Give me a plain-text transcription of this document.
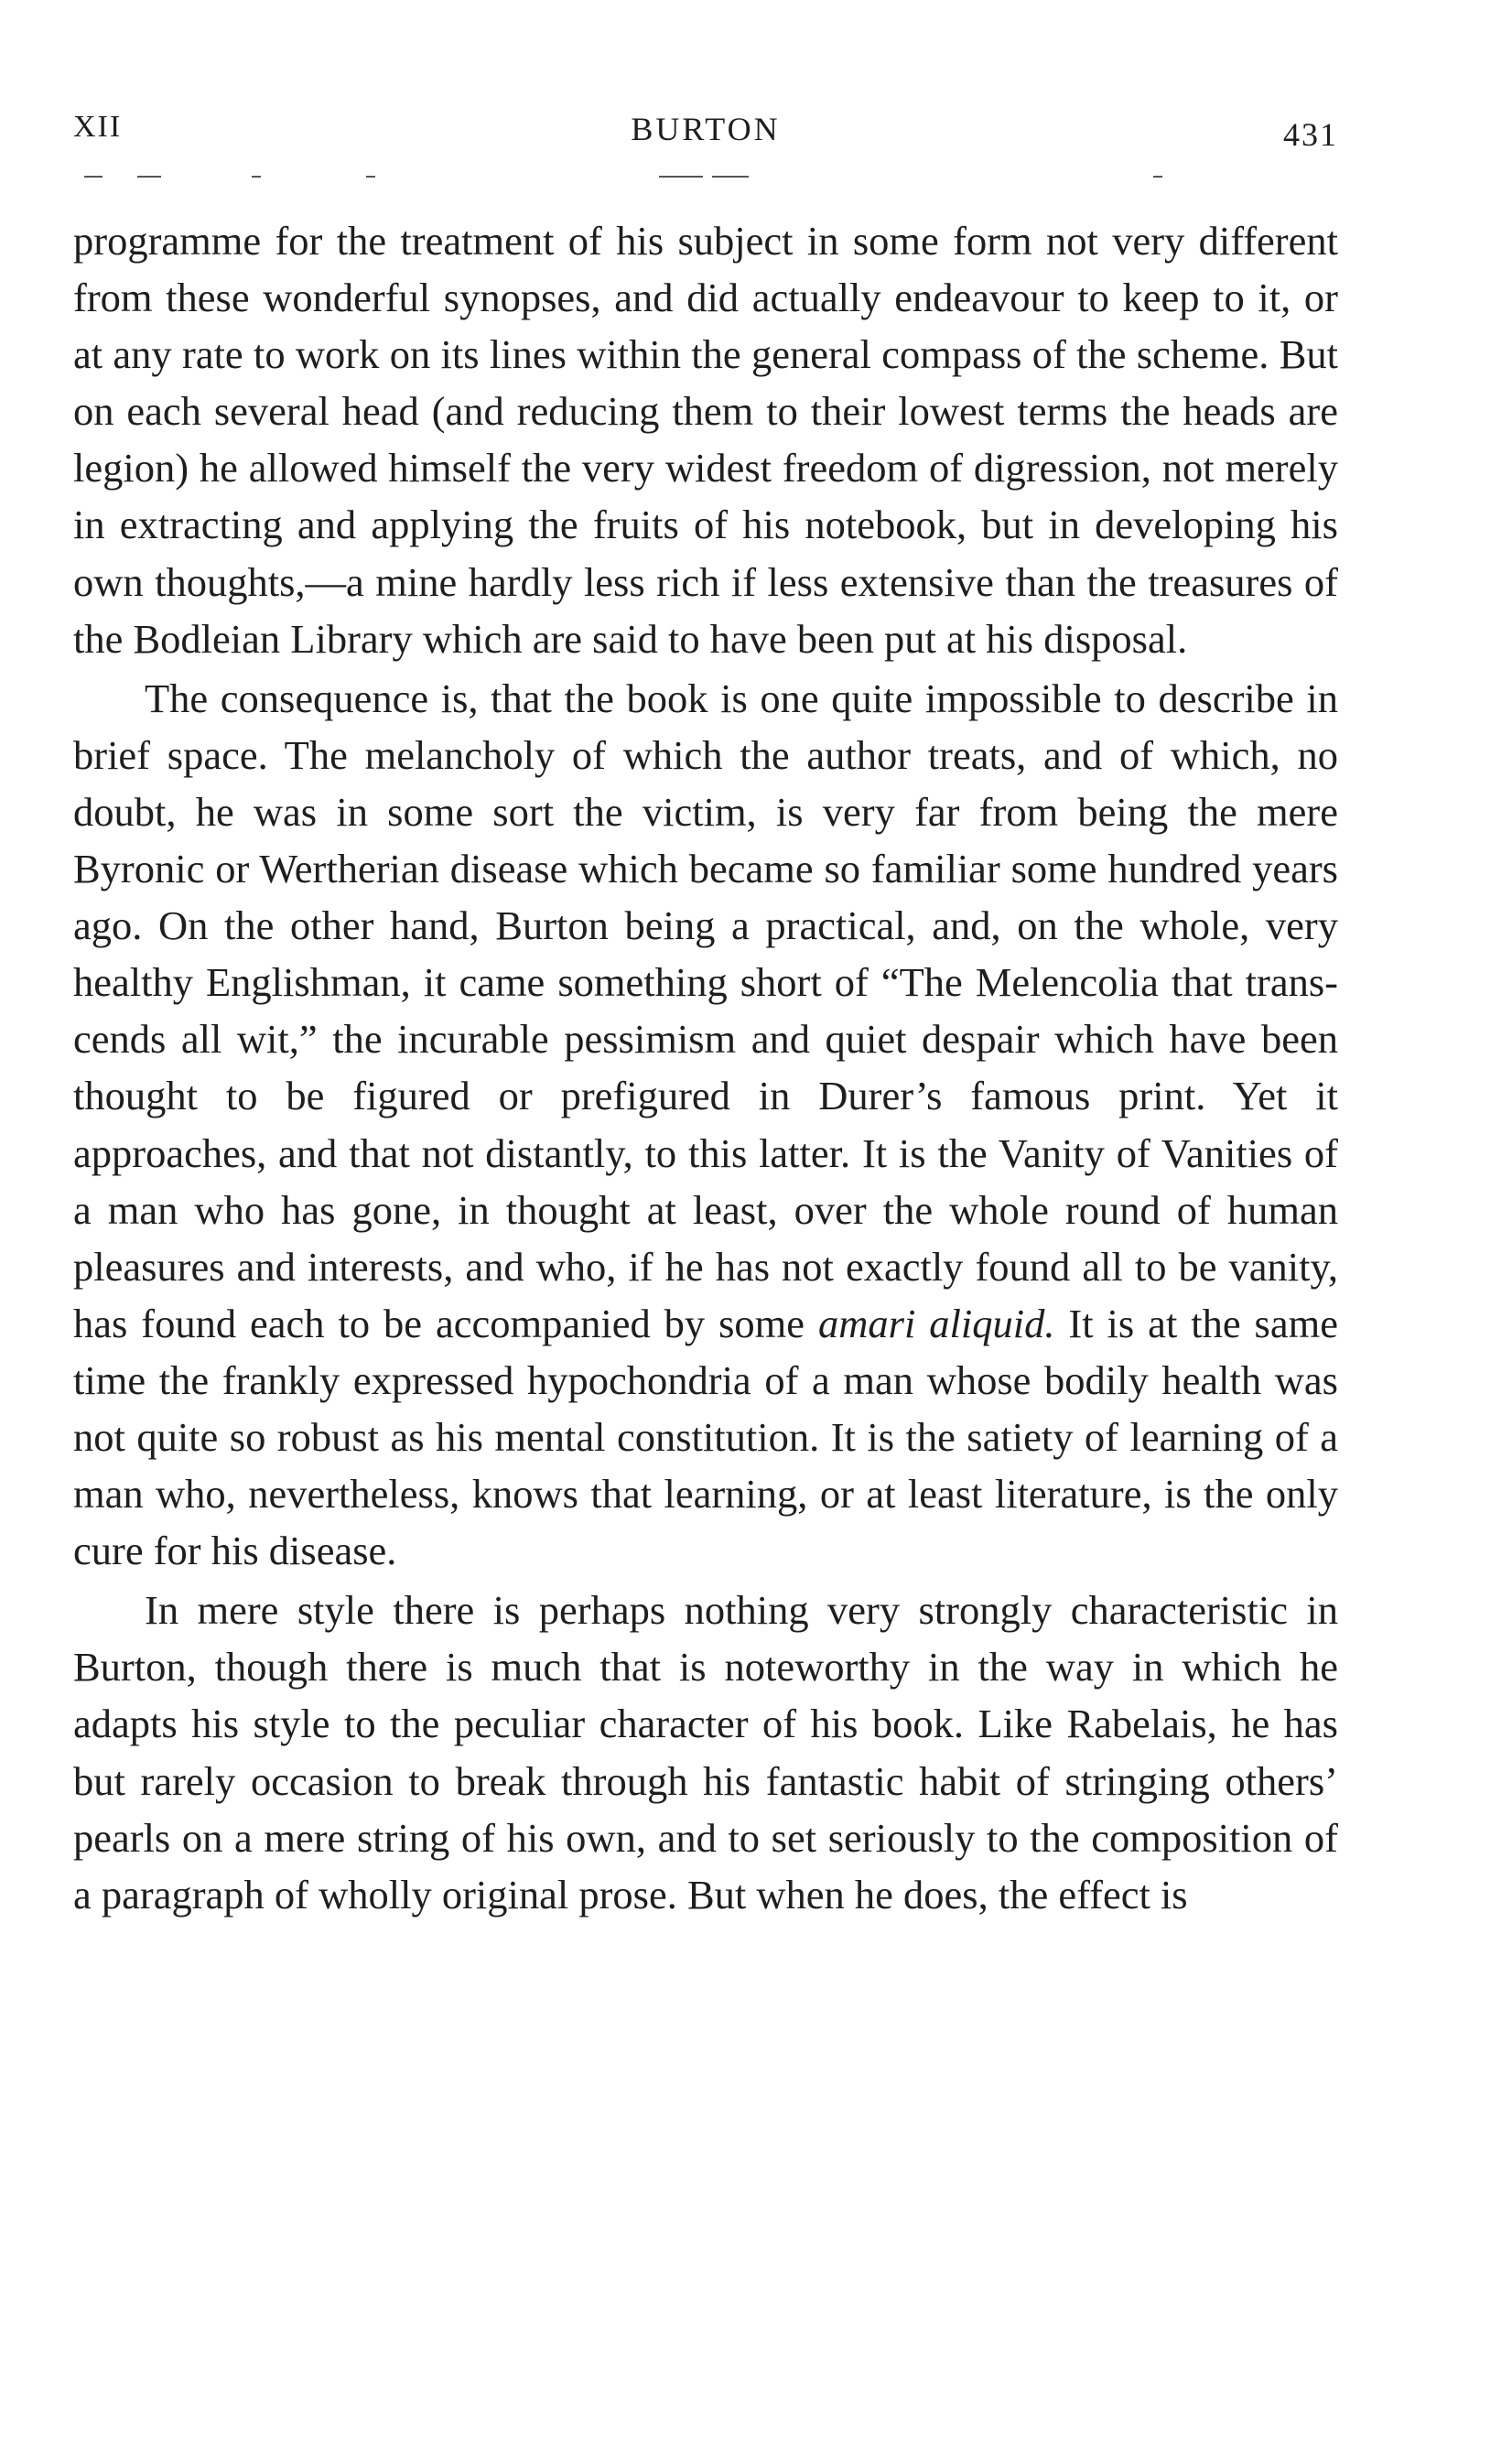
XII	BURTON	431

programme for the treatment of his subject in some form not very different from these wonderful synopses, and did actually endeavour to keep to it, or at any rate to work on its lines within the general compass of the scheme. But on each several head (and reducing them to their lowest terms the heads are legion) he allowed himself the very widest freedom of digression, not merely in extracting and applying the fruits of his notebook, but in developing his own thoughts,—a mine hardly less rich if less extensive than the treasures of the Bodleian Library which are said to have been put at his disposal.

The consequence is, that the book is one quite impossible to describe in brief space. The melancholy of which the author treats, and of which, no doubt, he was in some sort the victim, is very far from being the mere Byronic or Wertherian disease which became so familiar some hundred years ago. On the other hand, Burton being a practical, and, on the whole, very healthy Englishman, it came something short of “The Melencolia that transcends all wit,” the incurable pessimism and quiet despair which have been thought to be figured or prefigured in Durer’s famous print. Yet it approaches, and that not distantly, to this latter. It is the Vanity of Vanities of a man who has gone, in thought at least, over the whole round of human pleasures and interests, and who, if he has not exactly found all to be vanity, has found each to be accompanied by some amari aliquid. It is at the same time the frankly expressed hypochondria of a man whose bodily health was not quite so robust as his mental constitution. It is the satiety of learning of a man who, nevertheless, knows that learning, or at least literature, is the only cure for his disease.

In mere style there is perhaps nothing very strongly characteristic in Burton, though there is much that is noteworthy in the way in which he adapts his style to the peculiar character of his book. Like Rabelais, he has but rarely occasion to break through his fantastic habit of stringing others’ pearls on a mere string of his own, and to set seriously to the composition of a paragraph of wholly original prose. But when he does, the effect is
